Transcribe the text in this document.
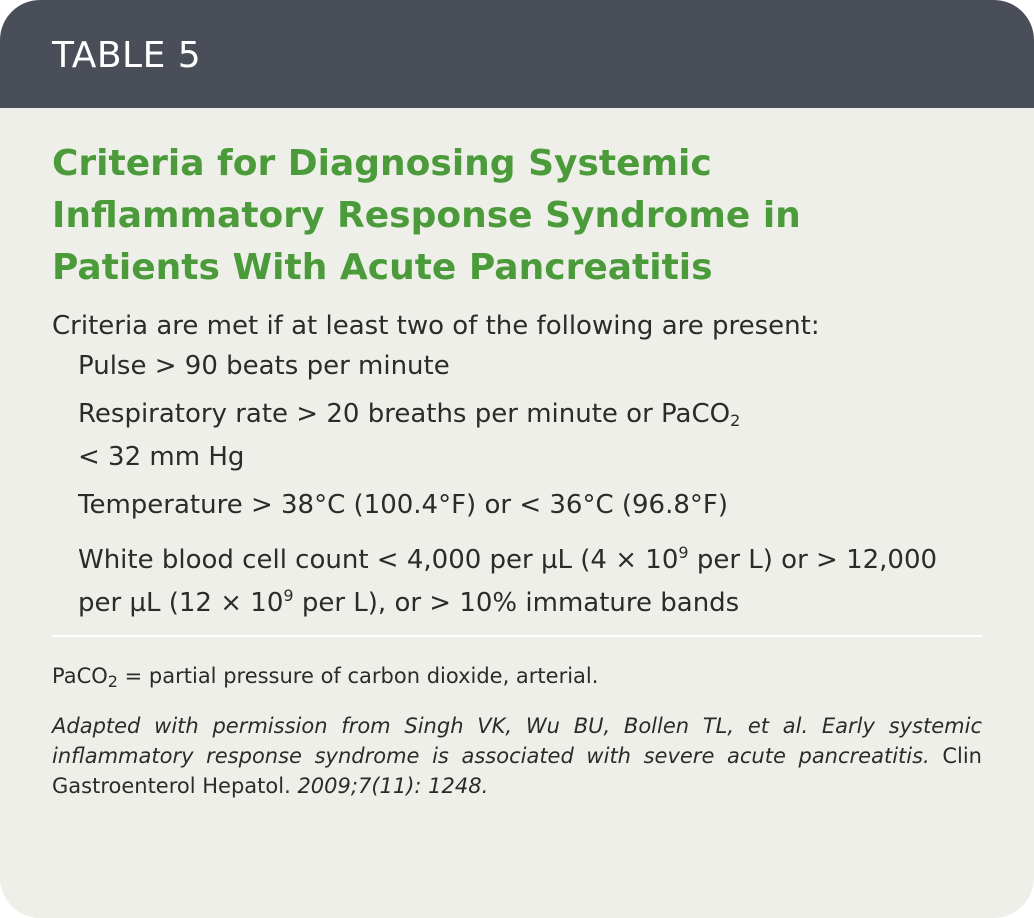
TABLE 5
Criteria for Diagnosing Systemic Inflammatory Response Syndrome in Patients With Acute Pancreatitis
Criteria are met if at least two of the following are present:
Pulse > 90 beats per minute
Respiratory rate > 20 breaths per minute or PaCO$_2$
< 32 mm Hg
Temperature > 38°C (100.4°F) or < 36°C (96.8°F)
White blood cell count < 4,000 per µL ($4 \times 10^9$ per L) or > 12,000 per µL ($12 \times 10^9$ per L), or > 10% immature bands
PaCO$_2$ = partial pressure of carbon dioxide, arterial.
Adapted with permission from Singh VK, Wu BU, Bollen TL, et al. Early systemic inflammatory response syndrome is associated with severe acute pancreatitis. Clin Gastroenterol Hepatol. 2009;7(11): 1248.
